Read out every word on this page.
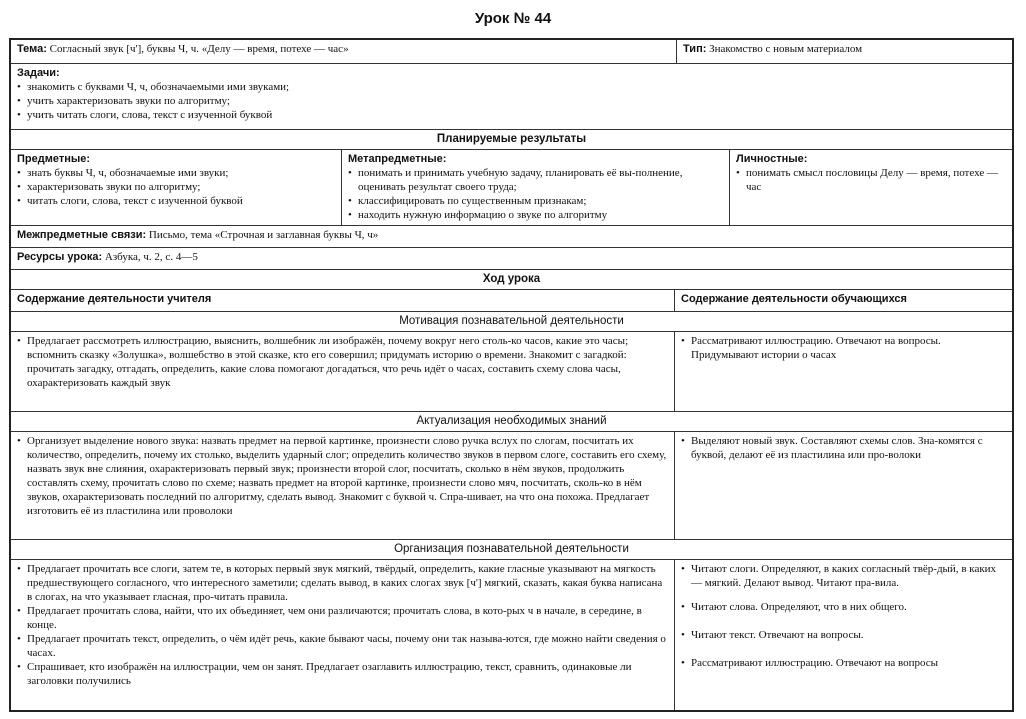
Урок № 44
Тема: Согласный звук [ч'], буквы Ч, ч. «Делу — время, потехе — час»	Тип: Знакомство с новым материалом
Задачи:
• знакомить с буквами Ч, ч, обозначаемыми ими звуками;
• учить характеризовать звуки по алгоритму;
• учить читать слоги, слова, текст с изученной буквой
Планируемые результаты
Предметные:
• знать буквы Ч, ч, обозначаемые ими звуки;
• характеризовать звуки по алгоритму;
• читать слоги, слова, текст с изученной буквой
Метапредметные:
• понимать и принимать учебную задачу, планировать её вы-полнение, оценивать результат своего труда;
• классифицировать по существенным признакам;
• находить нужную информацию о звуке по алгоритму
Личностные:
• понимать смысл пословицы Делу — время, потехе — час
Межпредметные связи: Письмо, тема «Строчная и заглавная буквы Ч, ч»
Ресурсы урока: Азбука, ч. 2, с. 4—5
Ход урока
Содержание деятельности учителя	Содержание деятельности обучающихся
Мотивация познавательной деятельности
• Предлагает рассмотреть иллюстрацию, выяснить, волшебник ли изображён, почему вокруг него столь-ко часов, какие это часы; вспомнить сказку «Золушка», волшебство в этой сказке, кто его совершил; придумать историю о времени. Знакомит с загадкой: прочитать загадку, отгадать, определить, какие слова помогают догадаться, что речь идёт о часах, составить схему слова часы, охарактеризовать каждый звук
• Рассматривают иллюстрацию. Отвечают на вопросы. Придумывают истории о часах
Актуализация необходимых знаний
• Организует выделение нового звука: назвать предмет на первой картинке, произнести слово ручка вслух по слогам, посчитать их количество, определить, почему их столько, выделить ударный слог; определить количество звуков в первом слоге, составить его схему, назвать звук вне слияния, охарактеризовать первый звук; произнести второй слог, посчитать, сколько в нём звуков, продолжить составлять схему, прочитать слово по схеме; назвать предмет на второй картинке, произнести слово мяч, посчитать, сколь-ко в нём звуков, охарактеризовать последний по алгоритму, сделать вывод. Знакомит с буквой ч. Спра-шивает, на что она похожа. Предлагает изготовить её из пластилина или проволоки
• Выделяют новый звук. Составляют схемы слов. Зна-комятся с буквой, делают её из пластилина или про-волоки
Организация познавательной деятельности
• Предлагает прочитать все слоги, затем те, в которых первый звук мягкий, твёрдый, определить, какие гласные указывают на мягкость предшествующего согласного, что интересного заметили; сделать вывод, в каких слогах звук [ч'] мягкий, сказать, какая буква написана в слогах, на что указывает гласная, про-читать правила.
• Предлагает прочитать слова, найти, что их объединяет, чем они различаются; прочитать слова, в кото-рых ч в начале, в середине, в конце.
• Предлагает прочитать текст, определить, о чём идёт речь, какие бывают часы, почему они так называ-ются, где можно найти сведения о часах.
• Спрашивает, кто изображён на иллюстрации, чем он занят. Предлагает озаглавить иллюстрацию, текст, сравнить, одинаковые ли заголовки получились
• Читают слоги. Определяют, в каких согласный твёр-дый, в каких — мягкий. Делают вывод. Читают пра-вила.
• Читают слова. Определяют, что в них общего.
• Читают текст. Отвечают на вопросы.
• Рассматривают иллюстрацию. Отвечают на вопросы
